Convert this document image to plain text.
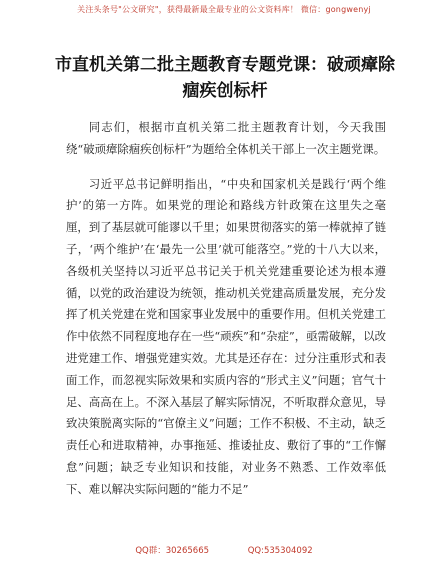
关注头条号"公文研究"，获得最新最全最专业的公文资料库！ 微信：gongwenyj
市直机关第二批主题教育专题党课：破顽瘴除痼疾创标杆

同志们，根据市直机关第二批主题教育计划，今天我围绕“破顽瘴除痼疾创标杆”为题给全体机关干部上一次主题党课。

习近平总书记鲜明指出，“中央和国家机关是践行‘两个维护’的第一方阵。如果党的理论和路线方针政策在这里失之毫厘，到了基层就可能谬以千里；如果贯彻落实的第一棒就掉了链子，‘两个维护’在‘最先一公里’就可能落空。”党的十八大以来，各级机关坚持以习近平总书记关于机关党建重要论述为根本遵循，以党的政治建设为统领，推动机关党建高质量发展，充分发挥了机关党建在党和国家事业发展中的重要作用。但机关党建工作中依然不同程度地存在一些“顽疾”和“杂症”，亟需破解，以改进党建工作、增强党建实效。尤其是还存在：过分注重形式和表面工作，而忽视实际效果和实质内容的“形式主义”问题；官气十足、高高在上。不深入基层了解实际情况，不听取群众意见，导致决策脱离实际的“官僚主义”问题；工作不积极、不主动，缺乏责任心和进取精神，办事拖延、推诿扯皮、敷衍了事的“工作懈怠”问题；缺乏专业知识和技能，对业务不熟悉、工作效率低下、难以解决实际问题的“能力不足”

QQ群：30265665	QQ:535304092
